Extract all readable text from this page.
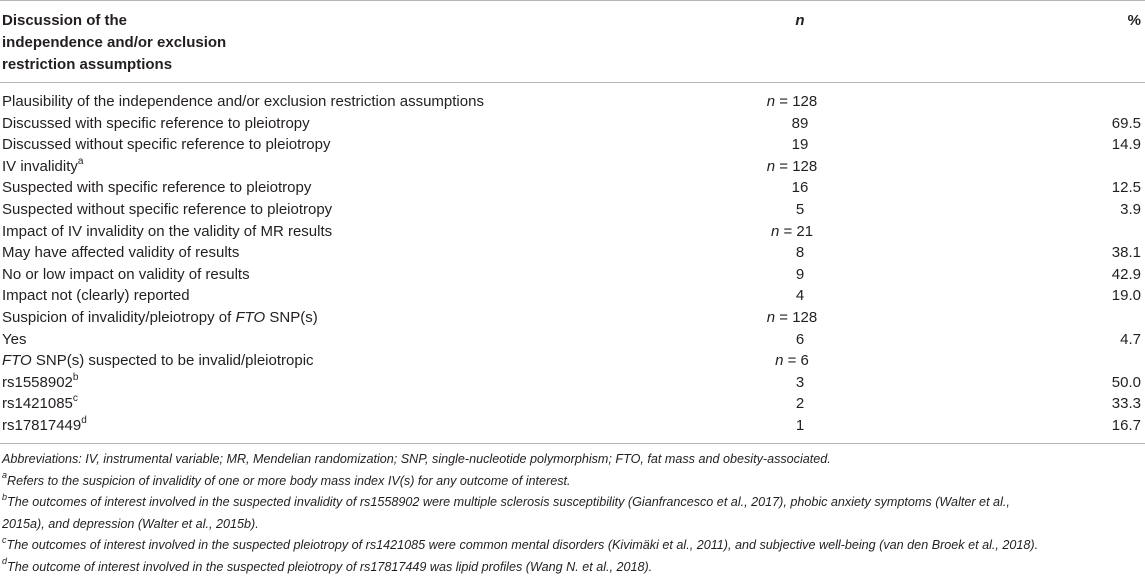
Discussion of the
independence and/or exclusion
restriction assumptions
n	%
Plausibility of the independence and/or exclusion restriction assumptions	n = 128
Discussed with specific reference to pleiotropy	89	69.5
Discussed without specific reference to pleiotropy	19	14.9
IV invalidity$^a$	n = 128
Suspected with specific reference to pleiotropy	16	12.5
Suspected without specific reference to pleiotropy	5	3.9
Impact of IV invalidity on the validity of MR results	n = 21
May have affected validity of results	8	38.1
No or low impact on validity of results	9	42.9
Impact not (clearly) reported	4	19.0
Suspicion of invalidity/pleiotropy of FTO SNP(s)	n = 128
Yes	6	4.7
FTO SNP(s) suspected to be invalid/pleiotropic	n = 6
rs1558902$^b$	3	50.0
rs1421085$^c$	2	33.3
rs17817449$^d$	1	16.7

Abbreviations: IV, instrumental variable; MR, Mendelian randomization; SNP, single-nucleotide polymorphism; FTO, fat mass and obesity-associated.

$^a$Refers to the suspicion of invalidity of one or more body mass index IV(s) for any outcome of interest.

$^b$The outcomes of interest involved in the suspected invalidity of rs1558902 were multiple sclerosis susceptibility (Gianfrancesco et al., 2017), phobic anxiety symptoms (Walter et al.,
2015a), and depression (Walter et al., 2015b).

$^c$The outcomes of interest involved in the suspected pleiotropy of rs1421085 were common mental disorders (Kivimäki et al., 2011), and subjective well-being (van den Broek et al., 2018).

$^d$The outcome of interest involved in the suspected pleiotropy of rs17817449 was lipid profiles (Wang N. et al., 2018).
